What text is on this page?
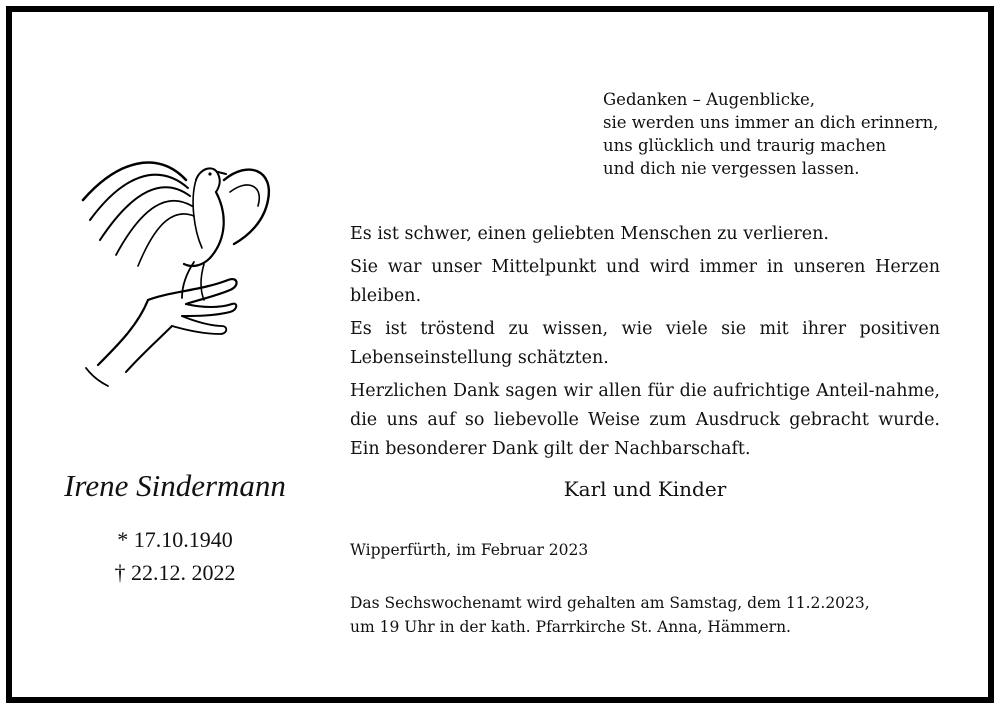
Gedanken – Augenblicke,
sie werden uns immer an dich erinnern,
uns glücklich und traurig machen
und dich nie vergessen lassen.
Irene Sindermann
* 17.10.1940
† 22.12. 2022

Es ist schwer, einen geliebten Menschen zu verlieren.

Sie war unser Mittelpunkt und wird immer in unseren Herzen bleiben.

Es ist tröstend zu wissen, wie viele sie mit ihrer positiven Lebenseinstellung schätzten.

Herzlichen Dank sagen wir allen für die aufrichtige Anteil-nahme, die uns auf so liebevolle Weise zum Ausdruck gebracht wurde. Ein besonderer Dank gilt der Nachbarschaft.

Karl und Kinder
Wipperfürth, im Februar 2023
Das Sechswochenamt wird gehalten am Samstag, dem 11.2.2023,
um 19 Uhr in der kath. Pfarrkirche St. Anna, Hämmern.
